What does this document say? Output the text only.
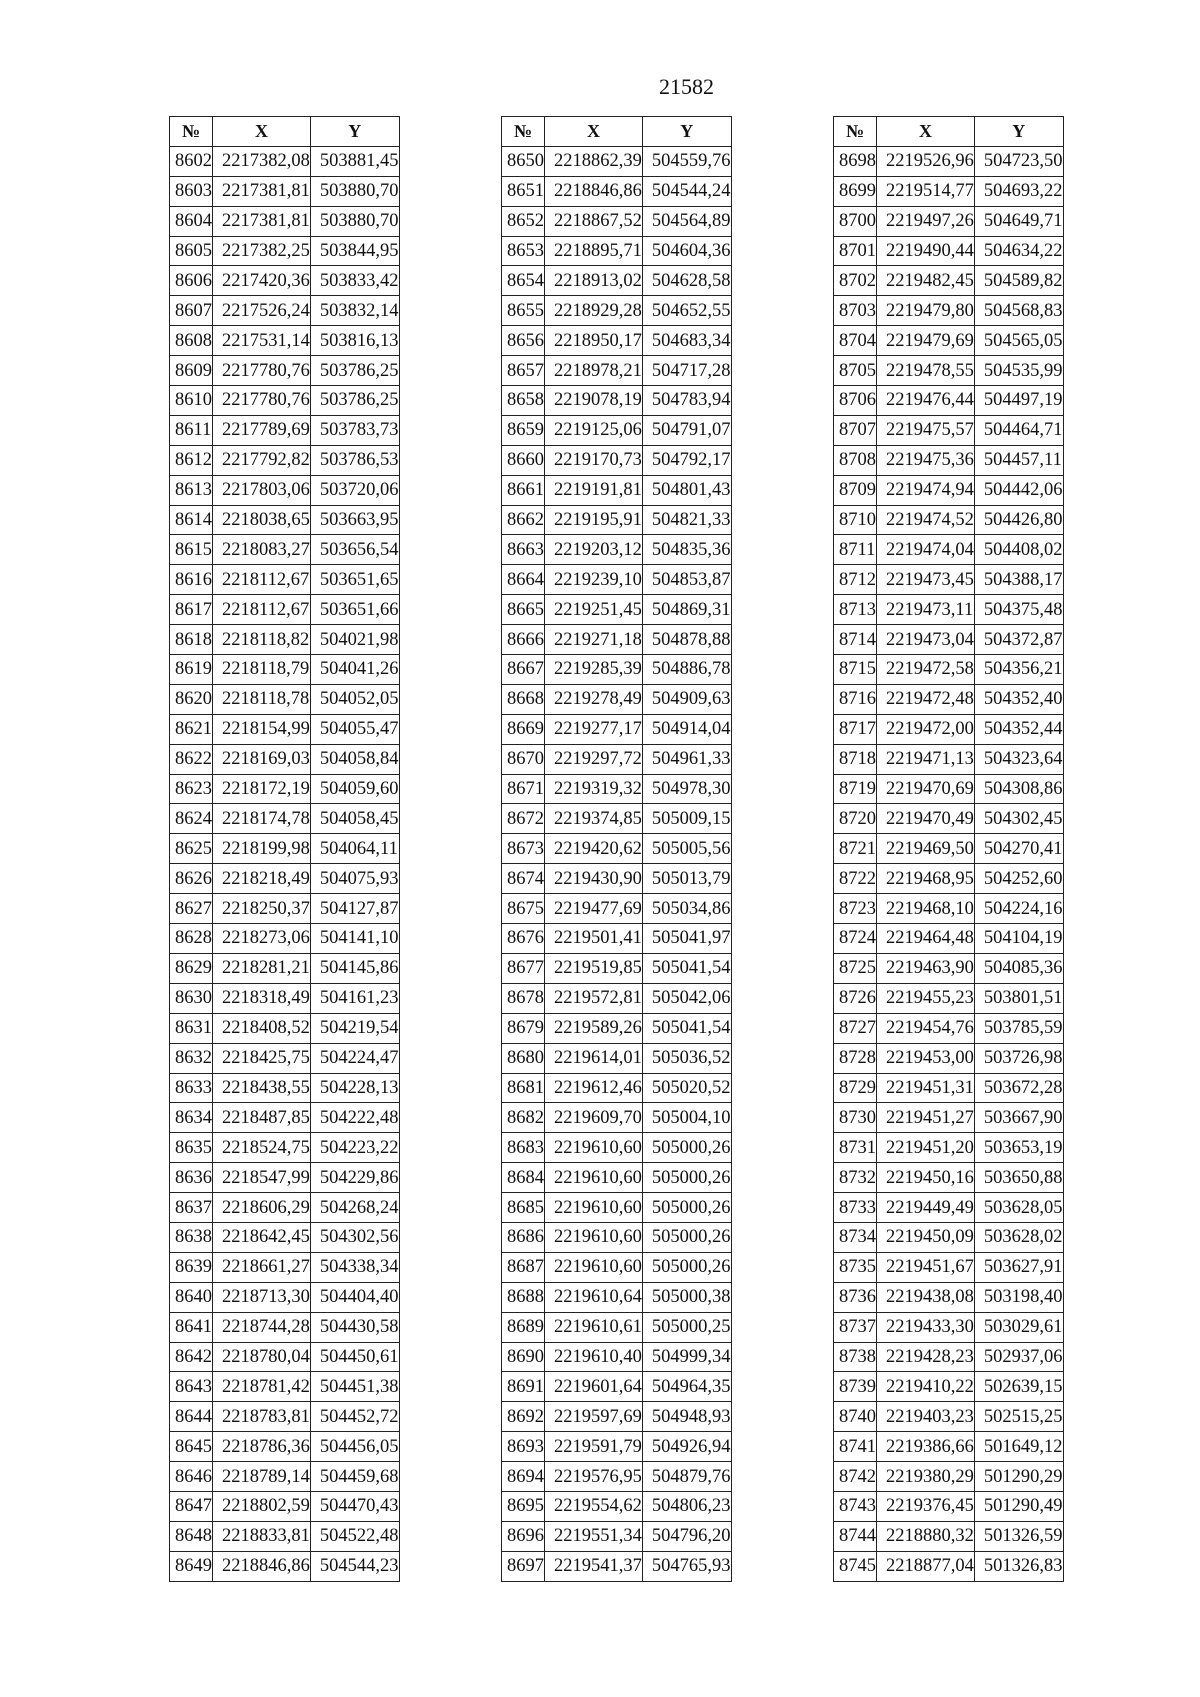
21582
№	X	Y
8602	2217382,08	503881,45
8603	2217381,81	503880,70
8604	2217381,81	503880,70
8605	2217382,25	503844,95
8606	2217420,36	503833,42
8607	2217526,24	503832,14
8608	2217531,14	503816,13
8609	2217780,76	503786,25
8610	2217780,76	503786,25
8611	2217789,69	503783,73
8612	2217792,82	503786,53
8613	2217803,06	503720,06
8614	2218038,65	503663,95
8615	2218083,27	503656,54
8616	2218112,67	503651,65
8617	2218112,67	503651,66
8618	2218118,82	504021,98
8619	2218118,79	504041,26
8620	2218118,78	504052,05
8621	2218154,99	504055,47
8622	2218169,03	504058,84
8623	2218172,19	504059,60
8624	2218174,78	504058,45
8625	2218199,98	504064,11
8626	2218218,49	504075,93
8627	2218250,37	504127,87
8628	2218273,06	504141,10
8629	2218281,21	504145,86
8630	2218318,49	504161,23
8631	2218408,52	504219,54
8632	2218425,75	504224,47
8633	2218438,55	504228,13
8634	2218487,85	504222,48
8635	2218524,75	504223,22
8636	2218547,99	504229,86
8637	2218606,29	504268,24
8638	2218642,45	504302,56
8639	2218661,27	504338,34
8640	2218713,30	504404,40
8641	2218744,28	504430,58
8642	2218780,04	504450,61
8643	2218781,42	504451,38
8644	2218783,81	504452,72
8645	2218786,36	504456,05
8646	2218789,14	504459,68
8647	2218802,59	504470,43
8648	2218833,81	504522,48
8649	2218846,86	504544,23
№	X	Y
8650	2218862,39	504559,76
8651	2218846,86	504544,24
8652	2218867,52	504564,89
8653	2218895,71	504604,36
8654	2218913,02	504628,58
8655	2218929,28	504652,55
8656	2218950,17	504683,34
8657	2218978,21	504717,28
8658	2219078,19	504783,94
8659	2219125,06	504791,07
8660	2219170,73	504792,17
8661	2219191,81	504801,43
8662	2219195,91	504821,33
8663	2219203,12	504835,36
8664	2219239,10	504853,87
8665	2219251,45	504869,31
8666	2219271,18	504878,88
8667	2219285,39	504886,78
8668	2219278,49	504909,63
8669	2219277,17	504914,04
8670	2219297,72	504961,33
8671	2219319,32	504978,30
8672	2219374,85	505009,15
8673	2219420,62	505005,56
8674	2219430,90	505013,79
8675	2219477,69	505034,86
8676	2219501,41	505041,97
8677	2219519,85	505041,54
8678	2219572,81	505042,06
8679	2219589,26	505041,54
8680	2219614,01	505036,52
8681	2219612,46	505020,52
8682	2219609,70	505004,10
8683	2219610,60	505000,26
8684	2219610,60	505000,26
8685	2219610,60	505000,26
8686	2219610,60	505000,26
8687	2219610,60	505000,26
8688	2219610,64	505000,38
8689	2219610,61	505000,25
8690	2219610,40	504999,34
8691	2219601,64	504964,35
8692	2219597,69	504948,93
8693	2219591,79	504926,94
8694	2219576,95	504879,76
8695	2219554,62	504806,23
8696	2219551,34	504796,20
8697	2219541,37	504765,93
№	X	Y
8698	2219526,96	504723,50
8699	2219514,77	504693,22
8700	2219497,26	504649,71
8701	2219490,44	504634,22
8702	2219482,45	504589,82
8703	2219479,80	504568,83
8704	2219479,69	504565,05
8705	2219478,55	504535,99
8706	2219476,44	504497,19
8707	2219475,57	504464,71
8708	2219475,36	504457,11
8709	2219474,94	504442,06
8710	2219474,52	504426,80
8711	2219474,04	504408,02
8712	2219473,45	504388,17
8713	2219473,11	504375,48
8714	2219473,04	504372,87
8715	2219472,58	504356,21
8716	2219472,48	504352,40
8717	2219472,00	504352,44
8718	2219471,13	504323,64
8719	2219470,69	504308,86
8720	2219470,49	504302,45
8721	2219469,50	504270,41
8722	2219468,95	504252,60
8723	2219468,10	504224,16
8724	2219464,48	504104,19
8725	2219463,90	504085,36
8726	2219455,23	503801,51
8727	2219454,76	503785,59
8728	2219453,00	503726,98
8729	2219451,31	503672,28
8730	2219451,27	503667,90
8731	2219451,20	503653,19
8732	2219450,16	503650,88
8733	2219449,49	503628,05
8734	2219450,09	503628,02
8735	2219451,67	503627,91
8736	2219438,08	503198,40
8737	2219433,30	503029,61
8738	2219428,23	502937,06
8739	2219410,22	502639,15
8740	2219403,23	502515,25
8741	2219386,66	501649,12
8742	2219380,29	501290,29
8743	2219376,45	501290,49
8744	2218880,32	501326,59
8745	2218877,04	501326,83
